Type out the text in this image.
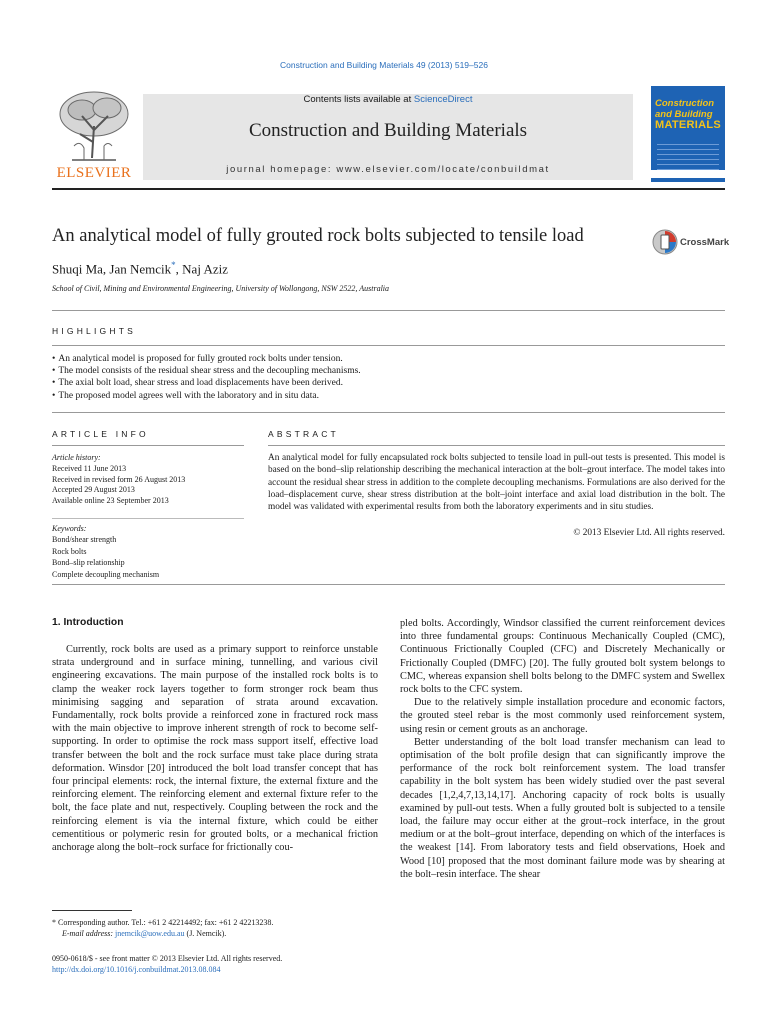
Construction and Building Materials 49 (2013) 519–526
ELSEVIER
Contents lists available at ScienceDirect
Construction and Building Materials
journal homepage: www.elsevier.com/locate/conbuildmat
Construction
and Building
MATERIALS
An analytical model of fully grouted rock bolts subjected to tensile load	CrossMark
Shuqi Ma, Jan Nemcik*, Naj Aziz
School of Civil, Mining and Environmental Engineering, University of Wollongong, NSW 2522, Australia
HIGHLIGHTS
• An analytical model is proposed for fully grouted rock bolts under tension.
• The model consists of the residual shear stress and the decoupling mechanisms.
• The axial bolt load, shear stress and load displacements have been derived.
• The proposed model agrees well with the laboratory and in situ data.
ARTICLE INFO	ABSTRACT
Article history:
Received 11 June 2013
Received in revised form 26 August 2013
Accepted 29 August 2013
Available online 23 September 2013
Keywords:
Bond/shear strength
Rock bolts
Bond–slip relationship
Complete decoupling mechanism
An analytical model for fully encapsulated rock bolts subjected to tensile load in pull-out tests is presented. This model is based on the bond–slip relationship describing the mechanical interaction at the bolt–grout interface. The model takes into account the residual shear stress in addition to the complete decoupling mechanisms. Formulations are also derived for the load–displacement curve, shear stress distribution at the bolt–joint interface and axial load distribution in the bolt. The model was validated with experimental results from both the laboratory experiments and in situ studies.
© 2013 Elsevier Ltd. All rights reserved.
1. Introduction

Currently, rock bolts are used as a primary support to reinforce unstable strata underground and in surface mining, tunnelling, and various civil engineering excavations. The main purpose of the installed rock bolts is to clamp the weaker rock layers together to form stronger rock beam thus minimising sagging and separation of strata around excavation. Fundamentally, rock bolts provide a reinforced zone in fractured rock mass with the main objective to improve inherent strength of rock to become self-supporting. In order to optimise the rock mass support itself, effective load transfer between the bolt and the rock surface must take place during strata deformation. Winsdor [20] introduced the bolt load transfer concept that has four principal elements: rock, the internal fixture, the external fixture and the reinforcing element. The reinforcing element and external fixture refer to the bolt, the face plate and nut, respectively. Coupling between the rock and the reinforcing element is via the internal fixture, which could be either cementitious or polymeric resin for grouted bolts, or a mechanical friction anchorage along the bolt–rock surface for frictionally cou-

pled bolts. Accordingly, Windsor classified the current reinforcement devices into three fundamental groups: Continuous Mechanically Coupled (CMC), Continuous Frictionally Coupled (CFC) and Discretely Mechanically or Frictionally Coupled (DMFC) [20]. The fully grouted bolt system belongs to CMC, whereas expansion shell bolts belong to the DMFC system and Swellex rock bolts to the CFC system.

Due to the relatively simple installation procedure and economic factors, the grouted steel rebar is the most commonly used reinforcement system, using resin or cement grouts as an anchorage.

Better understanding of the bolt load transfer mechanism can lead to optimisation of the bolt profile design that can significantly improve the performance of the rock bolt reinforcement system. The load transfer capability in the bolt system has been widely studied over the past several decades [1,2,4,7,13,14,17]. Anchoring capacity of rock bolts is usually examined by pull-out tests. When a fully grouted bolt is subjected to a tensile load, the failure may occur either at the grout–rock interface, in the grout medium or at the bolt–grout interface, depending on which of the interfaces is the weakest [14]. From laboratory tests and field observations, Hoek and Wood [10] proposed that the most dominant failure mode was by shearing at the bolt–resin interface. The shear

* Corresponding author. Tel.: +61 2 42214492; fax: +61 2 42213238.
E-mail address: jnemcik@uow.edu.au (J. Nemcik).
0950-0618/$ - see front matter © 2013 Elsevier Ltd. All rights reserved.
http://dx.doi.org/10.1016/j.conbuildmat.2013.08.084
